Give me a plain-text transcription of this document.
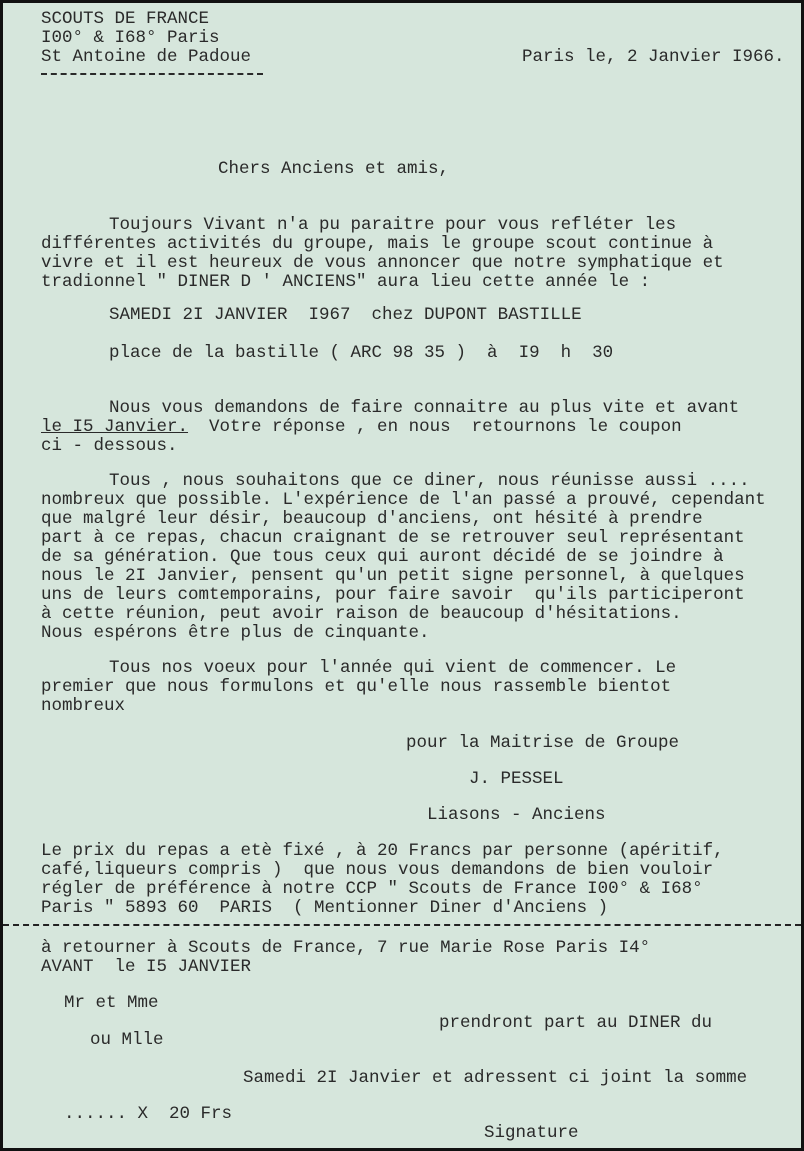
SCOUTS DE FRANCE
I00° & I68° Paris
St Antoine de Padoue	Paris le, 2 Janvier I966.
Chers Anciens et amis,
Toujours Vivant n'a pu paraitre pour vous refléter les
différentes activités du groupe, mais le groupe scout continue à
vivre et il est heureux de vous annoncer que notre symphatique et
tradionnel " DINER D ' ANCIENS" aura lieu cette année le :
SAMEDI 2I JANVIER  I967  chez DUPONT BASTILLE
place de la bastille ( ARC 98 35 )  à  I9  h  30
Nous vous demandons de faire connaitre au plus vite et avant
le I5 Janvier.  Votre réponse , en nous  retournons le coupon
ci - dessous.
Tous , nous souhaitons que ce diner, nous réunisse aussi ....
nombreux que possible. L'expérience de l'an passé a prouvé, cependant
que malgré leur désir, beaucoup d'anciens, ont hésité à prendre
part à ce repas, chacun craignant de se retrouver seul représentant
de sa génération. Que tous ceux qui auront décidé de se joindre à
nous le 2I Janvier, pensent qu'un petit signe personnel, à quelques
uns de leurs comtemporains, pour faire savoir  qu'ils participeront
à cette réunion, peut avoir raison de beaucoup d'hésitations.
Nous espérons être plus de cinquante.
Tous nos voeux pour l'année qui vient de commencer. Le
premier que nous formulons et qu'elle nous rassemble bientot
nombreux
pour la Maitrise de Groupe
J. PESSEL
Liasons - Anciens
Le prix du repas a etè fixé , à 20 Francs par personne (apéritif,
café,liqueurs compris )  que nous vous demandons de bien vouloir
régler de préférence à notre CCP " Scouts de France I00° & I68°
Paris " 5893 60  PARIS  ( Mentionner Diner d'Anciens )
à retourner à Scouts de France, 7 rue Marie Rose Paris I4°
AVANT  le I5 JANVIER
Mr et Mme
prendront part au DINER du
ou Mlle
Samedi 2I Janvier et adressent ci joint la somme
...... X  20 Frs
Signature
